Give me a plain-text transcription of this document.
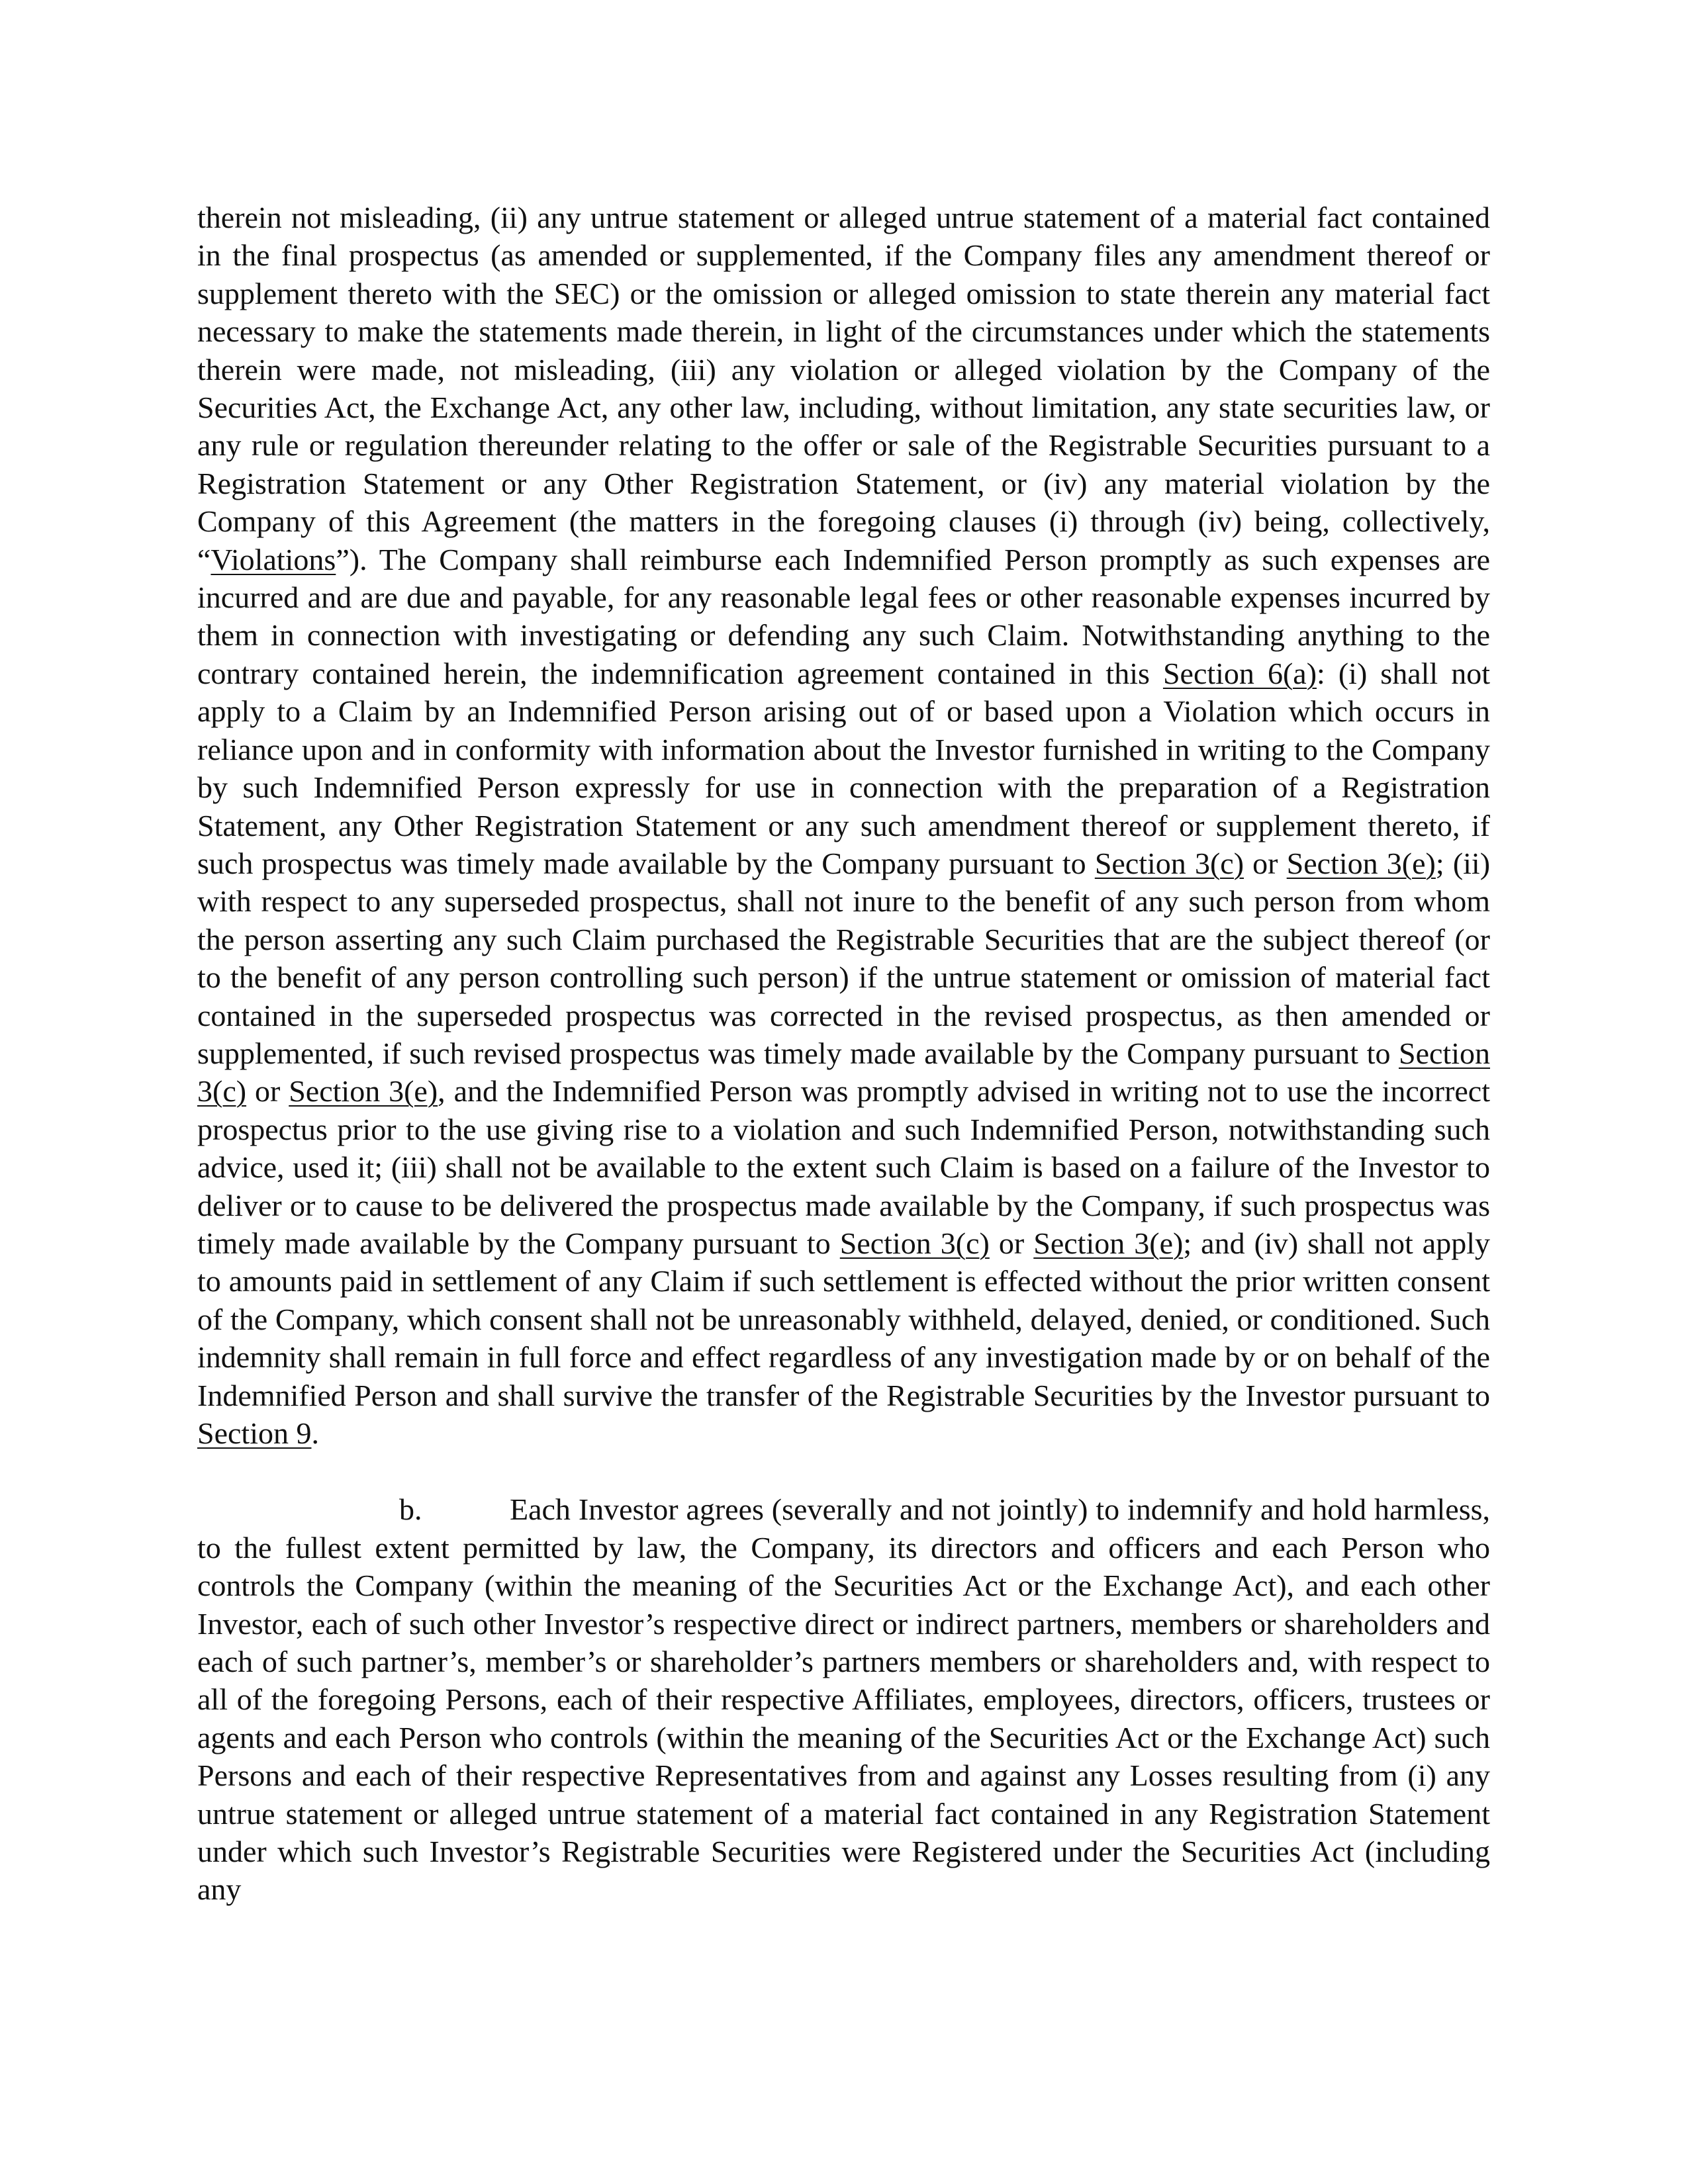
therein not misleading, (ii) any untrue statement or alleged untrue statement of a material fact contained in the final prospectus (as amended or supplemented, if the Company files any amendment thereof or supplement thereto with the SEC) or the omission or alleged omission to state therein any material fact necessary to make the statements made therein, in light of the circumstances under which the statements therein were made, not misleading, (iii) any violation or alleged violation by the Company of the Securities Act, the Exchange Act, any other law, including, without limitation, any state securities law, or any rule or regulation thereunder relating to the offer or sale of the Registrable Securities pursuant to a Registration Statement or any Other Registration Statement, or (iv) any material violation by the Company of this Agreement (the matters in the foregoing clauses (i) through (iv) being, collectively, “Violations”). The Company shall reimburse each Indemnified Person promptly as such expenses are incurred and are due and payable, for any reasonable legal fees or other reasonable expenses incurred by them in connection with investigating or defending any such Claim. Notwithstanding anything to the contrary contained herein, the indemnification agreement contained in this Section 6(a): (i) shall not apply to a Claim by an Indemnified Person arising out of or based upon a Violation which occurs in reliance upon and in conformity with information about the Investor furnished in writing to the Company by such Indemnified Person expressly for use in connection with the preparation of a Registration Statement, any Other Registration Statement or any such amendment thereof or supplement thereto, if such prospectus was timely made available by the Company pursuant to Section 3(c) or Section 3(e); (ii) with respect to any superseded prospectus, shall not inure to the benefit of any such person from whom the person asserting any such Claim purchased the Registrable Securities that are the subject thereof (or to the benefit of any person controlling such person) if the untrue statement or omission of material fact contained in the superseded prospectus was corrected in the revised prospectus, as then amended or supplemented, if such revised prospectus was timely made available by the Company pursuant to Section 3(c) or Section 3(e), and the Indemnified Person was promptly advised in writing not to use the incorrect prospectus prior to the use giving rise to a violation and such Indemnified Person, notwithstanding such advice, used it; (iii) shall not be available to the extent such Claim is based on a failure of the Investor to deliver or to cause to be delivered the prospectus made available by the Company, if such prospectus was timely made available by the Company pursuant to Section 3(c) or Section 3(e); and (iv) shall not apply to amounts paid in settlement of any Claim if such settlement is effected without the prior written consent of the Company, which consent shall not be unreasonably withheld, delayed, denied, or conditioned. Such indemnity shall remain in full force and effect regardless of any investigation made by or on behalf of the Indemnified Person and shall survive the transfer of the Registrable Securities by the Investor pursuant to Section 9.

b.	Each Investor agrees (severally and not jointly) to indemnify and hold harmless, to the fullest extent permitted by law, the Company, its directors and officers and each Person who controls the Company (within the meaning of the Securities Act or the Exchange Act), and each other Investor, each of such other Investor’s respective direct or indirect partners, members or shareholders and each of such partner’s, member’s or shareholder’s partners members or shareholders and, with respect to all of the foregoing Persons, each of their respective Affiliates, employees, directors, officers, trustees or agents and each Person who controls (within the meaning of the Securities Act or the Exchange Act) such Persons and each of their respective Representatives from and against any Losses resulting from (i) any untrue statement or alleged untrue statement of a material fact contained in any Registration Statement under which such Investor’s Registrable Securities were Registered under the Securities Act (including any
